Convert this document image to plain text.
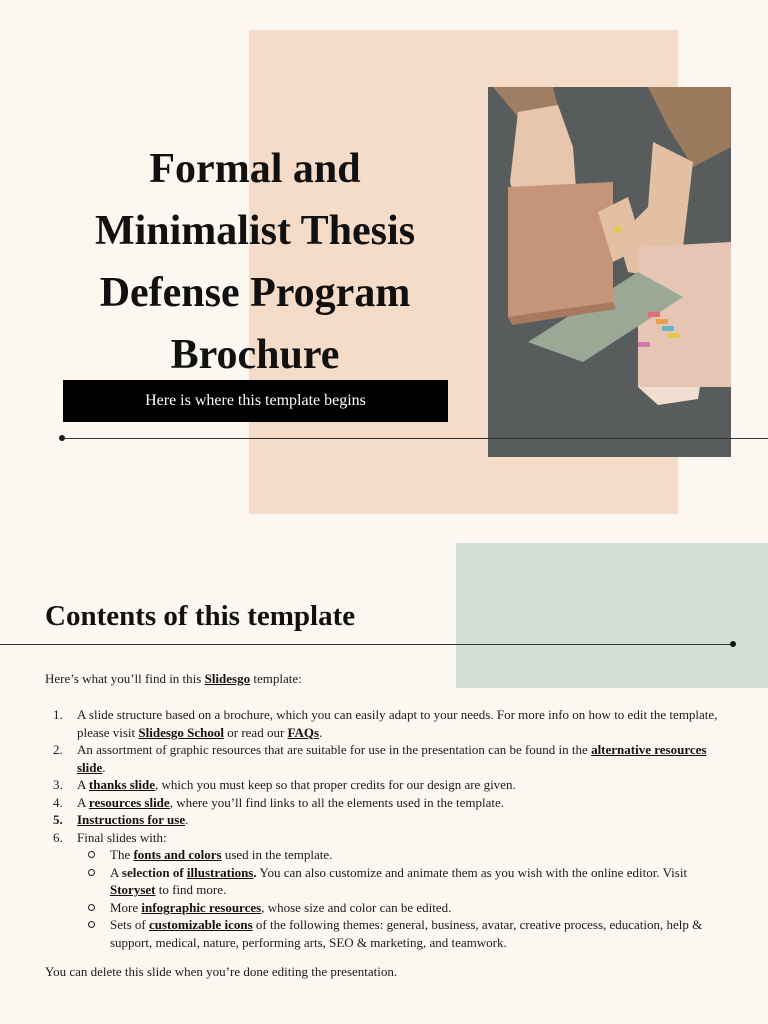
Formal and
Minimalist Thesis
Defense Program
Brochure
Here is where this template begins
Contents of this template

Here’s what you’ll find in this Slidesgo template:

1. A slide structure based on a brochure, which you can easily adapt to your needs. For more info on how to edit the template, please visit Slidesgo School or read our FAQs.
2. An assortment of graphic resources that are suitable for use in the presentation can be found in the alternative resources slide.
3. A thanks slide, which you must keep so that proper credits for our design are given.
4. A resources slide, where you’ll find links to all the elements used in the template.
5. Instructions for use.
6. Final slides with:
The fonts and colors used in the template.
A selection of illustrations. You can also customize and animate them as you wish with the online editor. Visit Storyset to find more.
More infographic resources, whose size and color can be edited.
Sets of customizable icons of the following themes: general, business, avatar, creative process, education, help & support, medical, nature, performing arts, SEO & marketing, and teamwork.

You can delete this slide when you’re done editing the presentation.
